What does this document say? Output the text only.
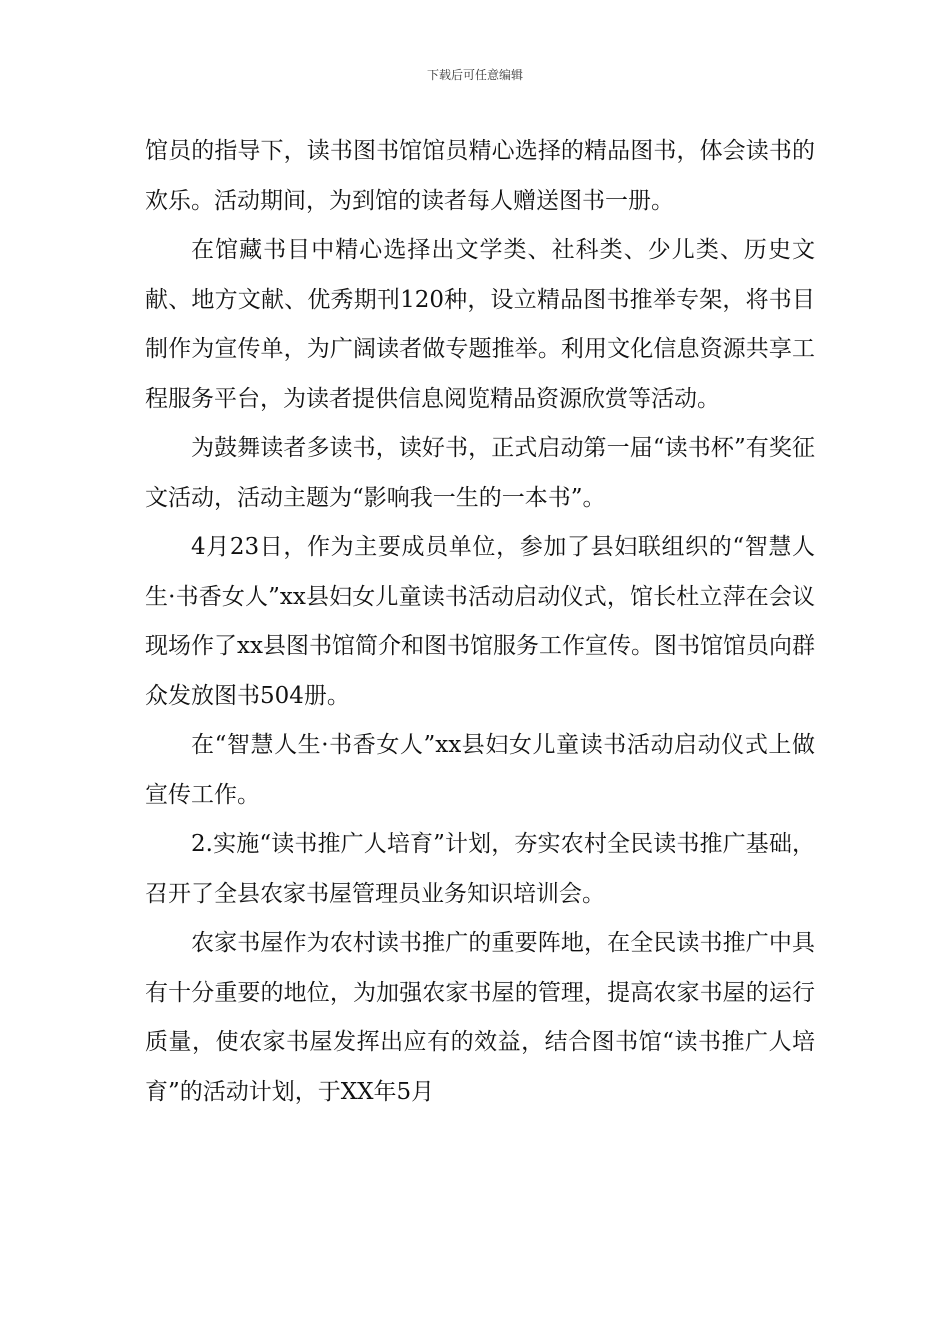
下载后可任意编辑

馆员的指导下，读书图书馆馆员精心选择的精品图书，体会读书的欢乐。活动期间，为到馆的读者每人赠送图书一册。

在馆藏书目中精心选择出文学类、社科类、少儿类、历史文献、地方文献、优秀期刊120种，设立精品图书推举专架，将书目制作为宣传单，为广阔读者做专题推举。利用文化信息资源共享工程服务平台，为读者提供信息阅览精品资源欣赏等活动。

为鼓舞读者多读书，读好书，正式启动第一届“读书杯”有奖征文活动，活动主题为“影响我一生的一本书”。

4月23日，作为主要成员单位，参加了县妇联组织的“智慧人生·书香女人”xx县妇女儿童读书活动启动仪式，馆长杜立萍在会议现场作了xx县图书馆简介和图书馆服务工作宣传。图书馆馆员向群众发放图书504册。

在“智慧人生·书香女人”xx县妇女儿童读书活动启动仪式上做宣传工作。

2.实施“读书推广人培育”计划，夯实农村全民读书推广基础，召开了全县农家书屋管理员业务知识培训会。

农家书屋作为农村读书推广的重要阵地，在全民读书推广中具有十分重要的地位，为加强农家书屋的管理，提高农家书屋的运行质量，使农家书屋发挥出应有的效益，结合图书馆“读书推广人培育”的活动计划，于XX年5月
